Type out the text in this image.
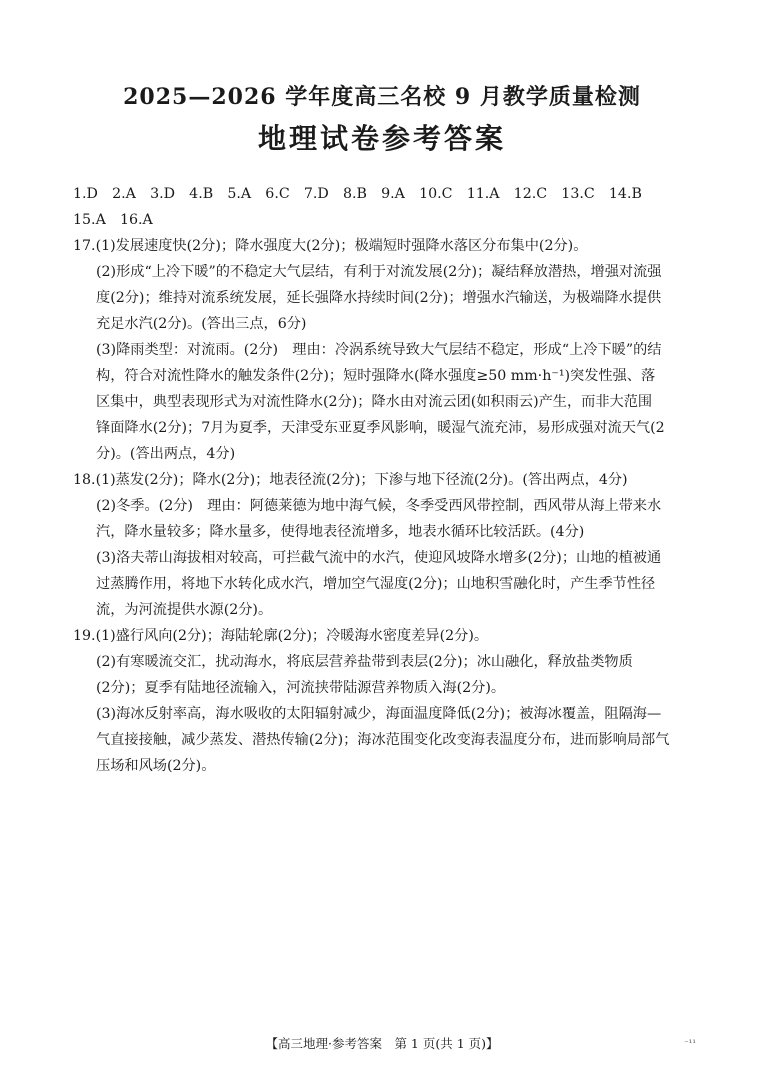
2025—2026 学年度高三名校 9 月教学质量检测
地理试卷参考答案
1.D　2.A　3.D　4.B　5.A　6.C　7.D　8.B　9.A　10.C　11.A　12.C　13.C　14.B
15.A　16.A
17.(1)发展速度快(2分)；降水强度大(2分)；极端短时强降水落区分布集中(2分)。
(2)形成“上冷下暖”的不稳定大气层结，有利于对流发展(2分)；凝结释放潜热，增强对流强
度(2分)；维持对流系统发展，延长强降水持续时间(2分)；增强水汽输送，为极端降水提供
充足水汽(2分)。(答出三点，6分)
(3)降雨类型：对流雨。(2分)　理由：冷涡系统导致大气层结不稳定，形成“上冷下暖”的结
构，符合对流性降水的触发条件(2分)；短时强降水(降水强度≥50 mm·h⁻¹)突发性强、落
区集中，典型表现形式为对流性降水(2分)；降水由对流云团(如积雨云)产生，而非大范围
锋面降水(2分)；7月为夏季，天津受东亚夏季风影响，暖湿气流充沛，易形成强对流天气(2
分)。(答出两点，4分)
18.(1)蒸发(2分)；降水(2分)；地表径流(2分)；下渗与地下径流(2分)。(答出两点，4分)
(2)冬季。(2分)　理由：阿德莱德为地中海气候，冬季受西风带控制，西风带从海上带来水
汽，降水量较多；降水量多，使得地表径流增多，地表水循环比较活跃。(4分)
(3)洛夫蒂山海拔相对较高，可拦截气流中的水汽，使迎风坡降水增多(2分)；山地的植被通
过蒸腾作用，将地下水转化成水汽，增加空气湿度(2分)；山地积雪融化时，产生季节性径
流，为河流提供水源(2分)。
19.(1)盛行风向(2分)；海陆轮廓(2分)；冷暖海水密度差异(2分)。
(2)有寒暖流交汇，扰动海水，将底层营养盐带到表层(2分)；冰山融化，释放盐类物质
(2分)；夏季有陆地径流输入，河流挟带陆源营养物质入海(2分)。
(3)海冰反射率高，海水吸收的太阳辐射减少，海面温度降低(2分)；被海冰覆盖，阻隔海—
气直接接触，减少蒸发、潜热传输(2分)；海冰范围变化改变海表温度分布，进而影响局部气
压场和风场(2分)。
【高三地理·参考答案　第 1 页(共 1 页)】	₋₁₁
